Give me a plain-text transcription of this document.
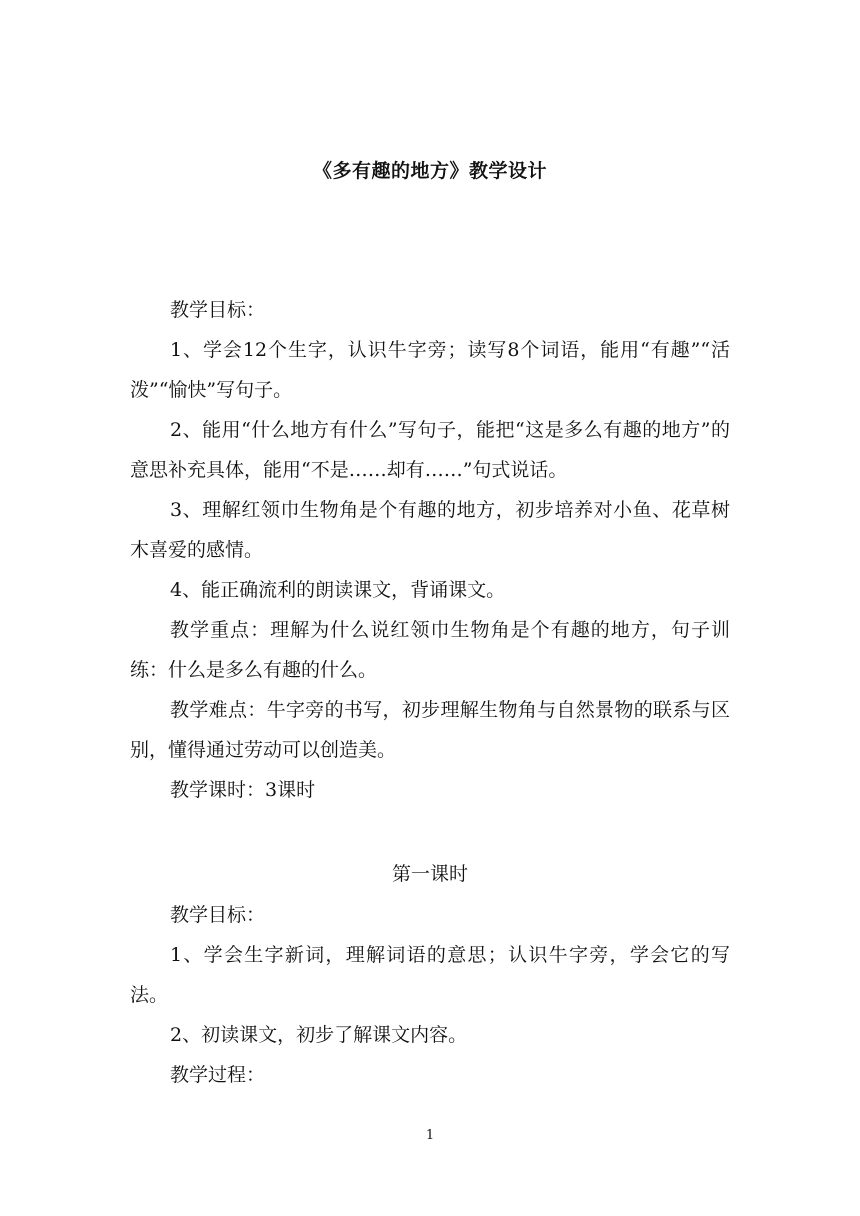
《多有趣的地方》教学设计

教学目标：

1、学会12个生字，认识牛字旁；读写8个词语，能用“有趣”“活泼”“愉快”写句子。

2、能用“什么地方有什么”写句子，能把“这是多么有趣的地方”的意思补充具体，能用“不是……却有……”句式说话。

3、理解红领巾生物角是个有趣的地方，初步培养对小鱼、花草树木喜爱的感情。

4、能正确流利的朗读课文，背诵课文。

教学重点：理解为什么说红领巾生物角是个有趣的地方，句子训练：什么是多么有趣的什么。

教学难点：牛字旁的书写，初步理解生物角与自然景物的联系与区别，懂得通过劳动可以创造美。

教学课时：3课时

第一课时

教学目标：

1、学会生字新词，理解词语的意思；认识牛字旁，学会它的写法。

2、初读课文，初步了解课文内容。

教学过程：

1
